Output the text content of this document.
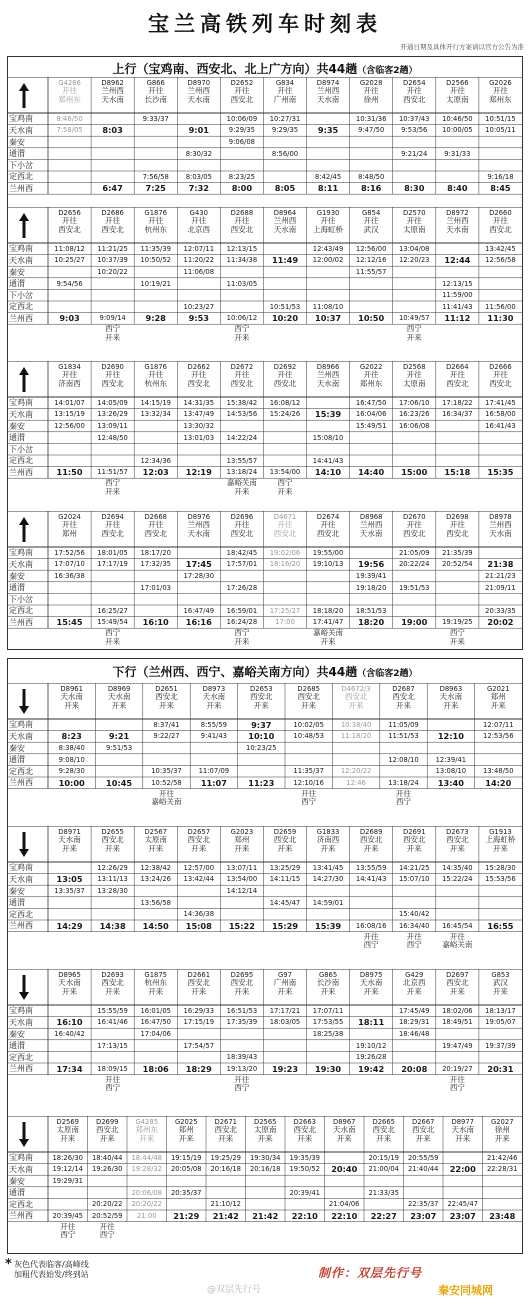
宝兰高铁列车时刻表
开通日期及具体开行方案请以官方公告为准
上行（宝鸡南、西安北、北上广方向）共44趟（含临客2趟）
宝鸡南
天水南
秦安
通渭
下小岔
定西北
兰州西
G4286
开往
郑州东
8:46/50
7:58/05
D8962
兰州西
天水南
8:03
6:47
G866
开往
长沙南
9:33/37
7:56/58
7:25
D8970
兰州西
天水南
9:01
8:30/32
8:03/05
7:32
D2652
开往
西安北
10:06/09
9:29/35
9:06/08
8:23/25
8:00
G834
开往
广州南
10:27/31
9:29/35
8:56/00
8:05
D8974
兰州西
天水南
9:35
8:42/45
8:11
G2028
开往
徐州
10:31/36
9:47/50
8:48/50
8:16
D2654
开往
西安北
10:37/43
9:53/56
9:21/24
8:30
D2566
开往
太原南
10:46/50
10:00/05
9:31/33
8:40
G2026
开往
郑州东
10:51/15
10:05/11
9:16/18
8:45
宝鸡南
天水南
秦安
通渭
下小岔
定西北
兰州西
D2656
开往
西安北
11:08/12
10:25/27
9:54/56
9:03
D2686
开往
西安北
11:21/25
10:37/39
10:20/22
9:09/14
西宁
开来
G1876
开往
杭州东
11:35/39
10:50/52
10:19/21
9:28
G430
开往
北京西
12:07/11
11:20/22
11:06/08
10:23/27
9:53
D2688
开往
西安北
12:13/15
11:34/38
11:03/05
10:06/12
西宁
开来
D8964
兰州西
天水南
11:49
10:51/53
10:20
G1930
开往
上海虹桥
12:43/49
12:00/02
11:08/10
10:37
G854
开往
武汉
12:56/00
12:12/16
11:55/57
10:50
D2570
开往
太原南
13:04/08
12:20/23
10:49/57
西宁
开来
D8972
兰州西
天水南
12:44
12:13/15
11:59/00
11:41/43
11:12
D2660
开往
西安北
13:42/45
12:56/58
11:56/00
11:30
宝鸡南
天水南
秦安
通渭
下小岔
定西北
兰州西
G1834
开往
济南西
14:01/07
13:15/19
12:56/00
11:50
D2690
开往
西安北
14:05/09
13:26/29
13:09/11
12:48/50
11:51/57
西宁
开来
G1876
开往
杭州东
14:15/19
13:32/34
12:34/36
12:03
D2662
开往
西安北
14:31/35
13:47/49
13:30/32
13:01/03
12:19
D2672
开往
西安北
15:38/42
14:53/56
14:22/24
13:55/57
13:18/24
嘉峪关南
开来
D2692
开往
西安北
16:08/12
15:24/26
13:54/00
西宁
开来
D8966
兰州西
天水南
15:39
15:08/10
14:41/43
14:10
G2022
开往
郑州东
16:47/50
16:04/06
15:49/51
14:40
D2568
开往
太原南
17:06/10
16:23/26
16:06/08
15:00
D2664
开往
西安北
17:18/22
16:34/37
15:18
D2666
开往
西安北
17:41/45
16:58/00
16:41/43
15:35
宝鸡南
天水南
秦安
通渭
下小岔
定西北
兰州西
G2024
开往
郑州
17:52/56
17:07/10
16:36/38
15:45
D2694
开往
西安北
18:01/05
17:17/19
16:25/27
15:49/54
西宁
开来
D2668
开往
西安北
18:17/20
17:32/35
17:01/03
16:10
D8976
兰州西
天水南
17:45
17:28/30
16:47/49
16:16
D2696
开往
西安北
18:42/45
17:57/01
17:26/28
16:59/01
16:24/28
西宁
开来
D4671
开往
西安北
19:02/06
18:16/20
17:25/27
17:00
D2674
开往
西安北
19:55/00
19:10/13
18:18/20
17:41/47
嘉峪关南
开来
D8968
兰州西
天水南
19:56
19:39/41
19:18/20
18:51/53
18:20
D2670
开往
西安北
21:05/09
20:22/24
19:51/53
19:00
D2698
开往
西安北
21:35/39
20:52/54
19:19/25
西宁
开来
D8978
兰州西
天水南
21:38
21:21/23
21:09/11
20:33/35
20:02
下行（兰州西、西宁、嘉峪关南方向）共44趟（含临客2趟）
宝鸡南
天水南
秦安
通渭
定西北
兰州西
D8961
天水南
开来
8:23
8:38/40
9:08/10
9:28/30
10:00
D8969
天水南
开来
9:21
9:51/53
10:45
D2651
西安北
开来
8:37/41
9:22/27
10:35/37
10:52/58
开往
嘉峪关南
D8973
天水南
开来
8:55/59
9:41/43
11:07/09
11:07
D2653
西安北
开来
9:37
10:10
10:23/25
11:23
D2685
西安北
开来
10:02/05
10:48/53
11:35/37
12:10/16
开往
西宁
D4672/3
西安北
开来
10:38/40
11:18/20
12:20/22
12:46
D2687
西安北
开来
11:05/09
11:51/53
12:08/10
13:18/24
开往
西宁
D8963
天水南
开来
12:10
12:39/41
13:08/10
13:40
G2021
郑州
开来
12:07/11
12:53/56
13:48/50
14:20
宝鸡南
天水南
秦安
通渭
定西北
兰州西
D8971
天水南
开来
13:05
13:35/37
14:29
D2655
西安北
开来
12:26/29
13:11/13
13:28/30
14:38
D2567
太原南
开来
12:38/42
13:24/26
13:56/58
14:50
D2657
西安北
开来
12:57/00
13:42/44
14:36/38
15:08
G2023
郑州
开来
13:07/11
13:54/00
14:12/14
15:22
D2659
西安北
开来
13:25/29
14:11/15
14:45/47
15:29
G1833
济南西
开来
13:41/45
14:27/30
14:59/01
15:39
D2689
西安北
开来
13:55/59
14:41/43
16:08/16
开往
西宁
D2691
西安北
开来
14:21/25
15:07/10
15:40/42
16:34/40
开往
西宁
D2673
西安北
开来
14:35/40
15:22/24
16:45/54
开往
嘉峪关南
G1913
上海虹桥
开来
15:28/30
15:53/56
16:55
宝鸡南
天水南
秦安
通渭
定西北
兰州西
D8965
天水南
开来
16:10
16:40/42
17:34
D2693
西安北
开来
15:55/59
16:41/46
17:13/15
18:09/15
开往
西宁
G1875
杭州东
开来
16:01/05
16:47/50
17:04/06
18:06
D2661
西安北
开来
16:29/33
17:15/19
17:54/57
18:29
D2695
西安北
开来
16:51/53
17:35/39
18:39/43
19:13/20
开往
西宁
G97
广州南
开来
17:17/21
18:03/05
19:23
G865
长沙南
开来
17:07/11
17:53/55
18:25/38
19:30
D8975
天水南
开来
18:11
19:10/12
19:26/28
19:42
G429
北京西
开来
17:45/49
18:29/31
18:46/48
20:08
D2697
西安北
开来
18:02/06
18:49/51
19:47/49
20:19/27
开往
西宁
G853
武汉
开来
18:13/17
19:05/07
19:37/39
20:31
宝鸡南
天水南
秦安
通渭
定西北
兰州西
D2569
太原南
开来
18:26/30
19:12/14
19:29/31
20:39/45
开往
西宁
D2699
西安北
开来
18:40/44
19:26/30
20:20/22
20:52/59
开往
西宁
G4285
郑州东
开来
18:44/48
19:28/32
20:06/08
20:20/22
21:00
G2025
郑州
开来
19:15/19
20:05/08
20:35/37
21:29
D2671
西安北
开来
19:25/29
20:16/18
21:10/12
21:42
D2565
太原南
开来
19:30/34
20:16/18
21:42
D2663
西安北
开来
19:35/39
19:50/52
20:39/41
22:10
D8967
天水南
开来
20:40
21:04/06
22:10
D2665
西安北
开来
20:15/19
21:00/04
21:33/35
22:27
D2667
西安北
开来
20:55/59
21:40/44
22:35/37
23:07
D8977
天水南
开来
22:00
22:45/47
23:07
G2027
徐州
开来
21:42/46
22:28/31
23:48
* 灰色代表临客/高峰线
加粗代表始发/终到站	制作：双层先行号
@双层先行号	秦安同城网
